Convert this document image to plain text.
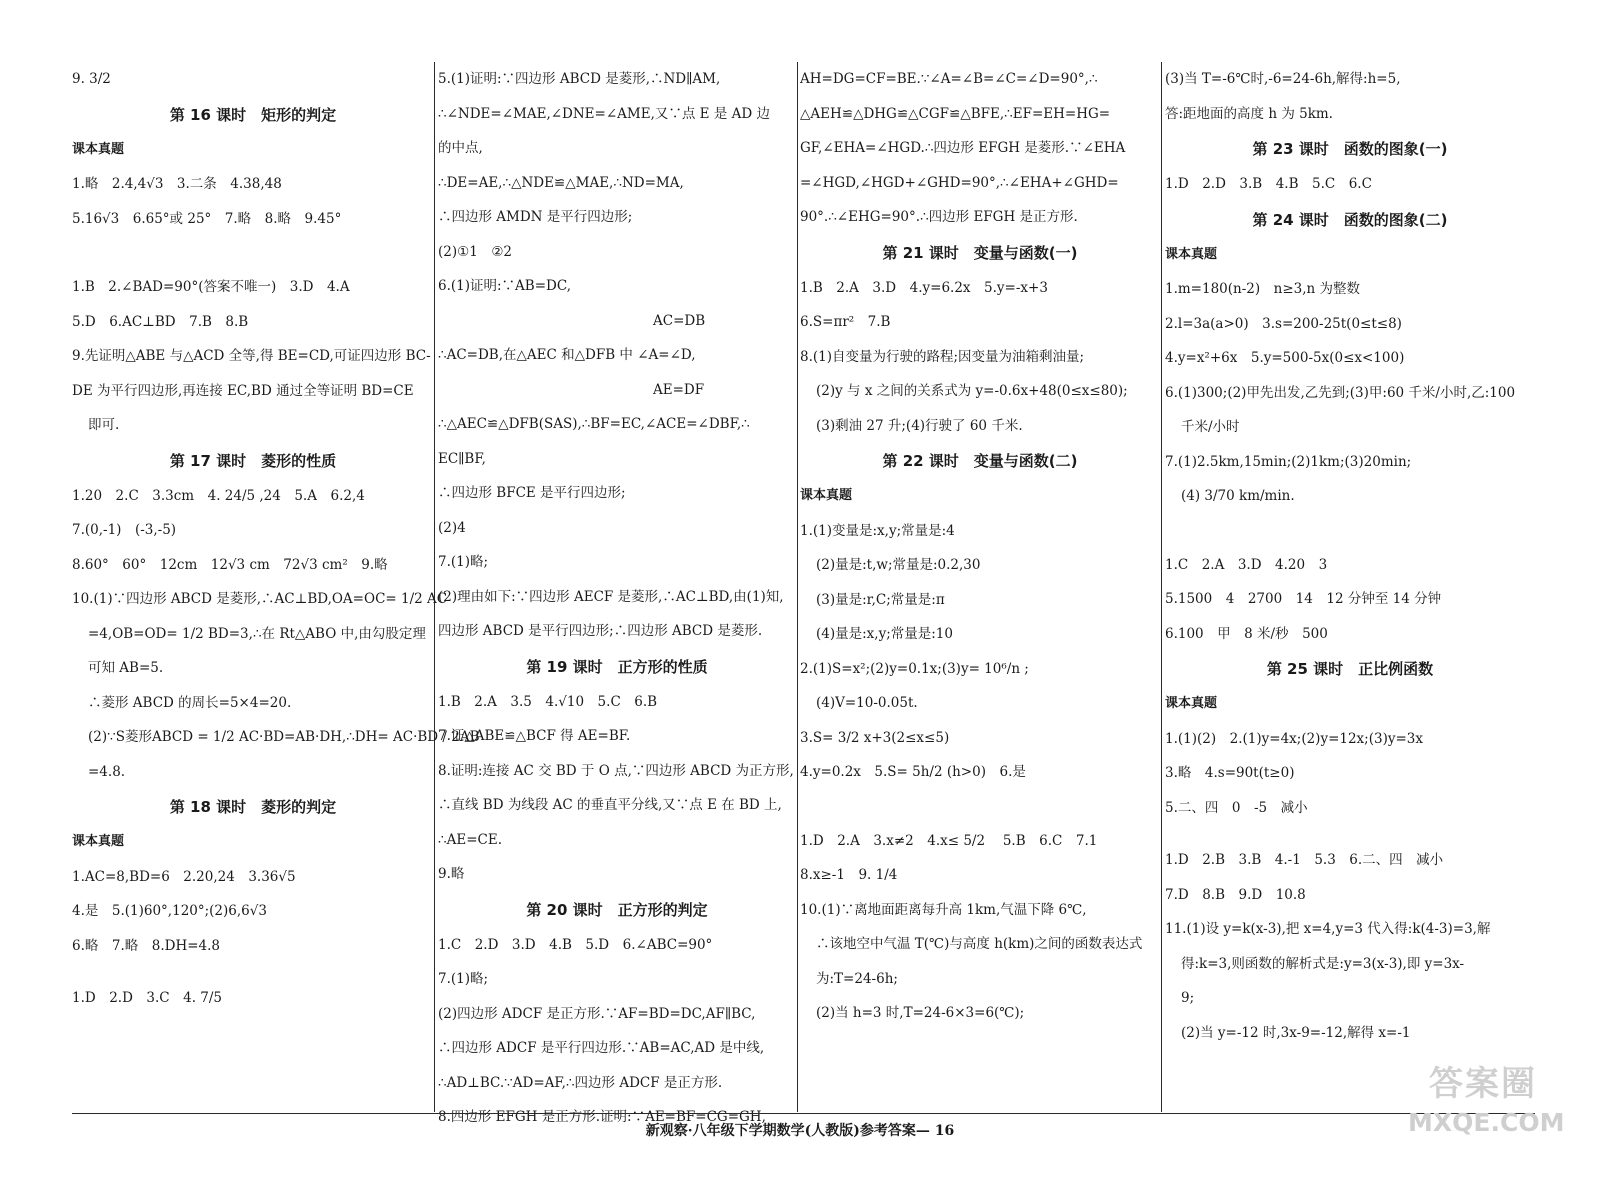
9. 3/2
第 16 课时　矩形的判定
课本真题
1.略　2.4,4√3　3.二条　4.38,48
5.16√3　6.65°或 25°　7.略　8.略　9.45°
1.B　2.∠BAD=90°(答案不唯一)　3.D　4.A
5.D　6.AC⊥BD　7.B　8.B
9.先证明△ABE 与△ACD 全等,得 BE=CD,可证四边形 BC-
DE 为平行四边形,再连接 EC,BD 通过全等证明 BD=CE
即可.
第 17 课时　菱形的性质
1.20　2.C　3.3cm　4. 24/5 ,24　5.A　6.2,4
7.(0,-1)　(-3,-5)
8.60°　60°　12cm　12√3 cm　72√3 cm²　9.略
10.(1)∵四边形 ABCD 是菱形,∴AC⊥BD,OA=OC= 1/2 AC
=4,OB=OD= 1/2 BD=3,∴在 Rt△ABO 中,由勾股定理
可知 AB=5.
∴菱形 ABCD 的周长=5×4=20.
(2)∵S菱形ABCD = 1/2 AC·BD=AB·DH,∴DH= AC·BD / 2AB
=4.8.
第 18 课时　菱形的判定
课本真题
1.AC=8,BD=6　2.20,24　3.36√5
4.是　5.(1)60°,120°;(2)6,6√3
6.略　7.略　8.DH=4.8
1.D　2.D　3.C　4. 7/5
5.(1)证明:∵四边形 ABCD 是菱形,∴ND∥AM,
∴∠NDE=∠MAE,∠DNE=∠AME,又∵点 E 是 AD 边
的中点,
∴DE=AE,∴△NDE≌△MAE,∴ND=MA,
∴四边形 AMDN 是平行四边形;
(2)①1　②2
6.(1)证明:∵AB=DC,
AC=DB
∴AC=DB,在△AEC 和△DFB 中 ∠A=∠D,
AE=DF
∴△AEC≌△DFB(SAS),∴BF=EC,∠ACE=∠DBF,∴
EC∥BF,
∴四边形 BFCE 是平行四边形;
(2)4
7.(1)略;
(2)理由如下:∵四边形 AECF 是菱形,∴AC⊥BD,由(1)知,
四边形 ABCD 是平行四边形;∴四边形 ABCD 是菱形.
第 19 课时　正方形的性质
1.B　2.A　3.5　4.√10　5.C　6.B
7.证△ABE≌△BCF 得 AE=BF.
8.证明:连接 AC 交 BD 于 O 点,∵四边形 ABCD 为正方形,
∴直线 BD 为线段 AC 的垂直平分线,又∵点 E 在 BD 上,
∴AE=CE.
9.略
第 20 课时　正方形的判定
1.C　2.D　3.D　4.B　5.D　6.∠ABC=90°
7.(1)略;
(2)四边形 ADCF 是正方形.∵AF=BD=DC,AF∥BC,
∴四边形 ADCF 是平行四边形.∵AB=AC,AD 是中线,
∴AD⊥BC.∵AD=AF,∴四边形 ADCF 是正方形.
8.四边形 EFGH 是正方形.证明:∵AE=BF=CG=GH,
AH=DG=CF=BE.∵∠A=∠B=∠C=∠D=90°,∴
△AEH≌△DHG≌△CGF≌△BFE,∴EF=EH=HG=
GF,∠EHA=∠HGD.∴四边形 EFGH 是菱形.∵∠EHA
=∠HGD,∠HGD+∠GHD=90°,∴∠EHA+∠GHD=
90°.∴∠EHG=90°.∴四边形 EFGH 是正方形.
第 21 课时　变量与函数(一)
1.B　2.A　3.D　4.y=6.2x　5.y=-x+3
6.S=πr²　7.B
8.(1)自变量为行驶的路程;因变量为油箱剩油量;
(2)y 与 x 之间的关系式为 y=-0.6x+48(0≤x≤80);
(3)剩油 27 升;(4)行驶了 60 千米.
第 22 课时　变量与函数(二)
课本真题
1.(1)变量是:x,y;常量是:4
(2)量是:t,w;常量是:0.2,30
(3)量是:r,C;常量是:π
(4)量是:x,y;常量是:10
2.(1)S=x²;(2)y=0.1x;(3)y= 10⁶/n ;
(4)V=10-0.05t.
3.S= 3/2 x+3(2≤x≤5)
4.y=0.2x　5.S= 5h/2 (h>0)　6.是
1.D　2.A　3.x≠2　4.x≤ 5/2 　5.B　6.C　7.1
8.x≥-1　9. 1/4
10.(1)∵离地面距离每升高 1km,气温下降 6℃,
∴该地空中气温 T(℃)与高度 h(km)之间的函数表达式
为:T=24-6h;
(2)当 h=3 时,T=24-6×3=6(℃);
(3)当 T=-6℃时,-6=24-6h,解得:h=5,
答:距地面的高度 h 为 5km.
第 23 课时　函数的图象(一)
1.D　2.D　3.B　4.B　5.C　6.C
第 24 课时　函数的图象(二)
课本真题
1.m=180(n-2)　n≥3,n 为整数
2.l=3a(a>0)　3.s=200-25t(0≤t≤8)
4.y=x²+6x　5.y=500-5x(0≤x<100)
6.(1)300;(2)甲先出发,乙先到;(3)甲:60 千米/小时,乙:100
千米/小时
7.(1)2.5km,15min;(2)1km;(3)20min;
(4) 3/70 km/min.
1.C　2.A　3.D　4.20　3
5.1500　4　2700　14　12 分钟至 14 分钟
6.100　甲　8 米/秒　500
第 25 课时　正比例函数
课本真题
1.(1)(2)　2.(1)y=4x;(2)y=12x;(3)y=3x
3.略　4.s=90t(t≥0)
5.二、四　0　-5　减小
1.D　2.B　3.B　4.-1　5.3　6.二、四　减小
7.D　8.B　9.D　10.8
11.(1)设 y=k(x-3),把 x=4,y=3 代入得:k(4-3)=3,解
得:k=3,则函数的解析式是:y=3(x-3),即 y=3x-
9;
(2)当 y=-12 时,3x-9=-12,解得 x=-1
新观察·八年级下学期数学(人教版)参考答案— 16
答案圈
MXQE.COM
